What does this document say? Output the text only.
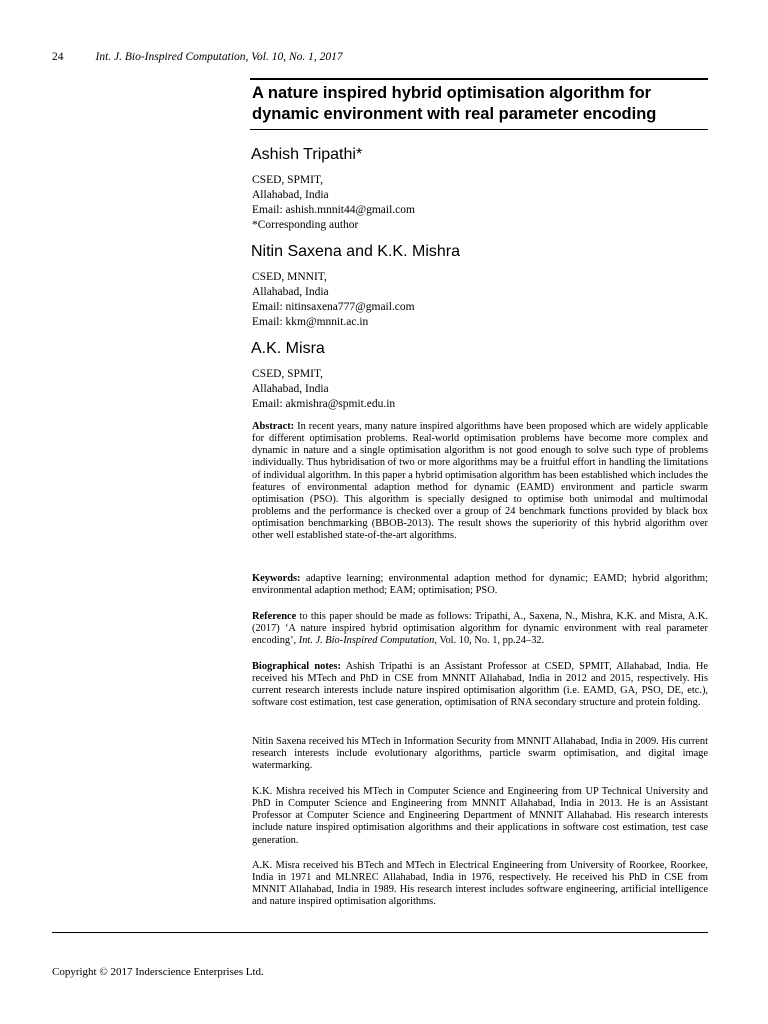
24	Int. J. Bio-Inspired Computation, Vol. 10, No. 1, 2017
A nature inspired hybrid optimisation algorithm for
dynamic environment with real parameter encoding
Ashish Tripathi*
CSED, SPMIT,
Allahabad, India
Email: ashish.mnnit44@gmail.com
*Corresponding author
Nitin Saxena and K.K. Mishra
CSED, MNNIT,
Allahabad, India
Email: nitinsaxena777@gmail.com
Email: kkm@mnnit.ac.in
A.K. Misra
CSED, SPMIT,
Allahabad, India
Email: akmishra@spmit.edu.in

Abstract: In recent years, many nature inspired algorithms have been proposed which are widely applicable for different optimisation problems. Real-world optimisation problems have become more complex and dynamic in nature and a single optimisation algorithm is not good enough to solve such type of problems individually. Thus hybridisation of two or more algorithms may be a fruitful effort in handling the limitations of individual algorithm. In this paper a hybrid optimisation algorithm has been established which includes the features of environmental adaption method for dynamic (EAMD) environment and particle swarm optimisation (PSO). This algorithm is specially designed to optimise both unimodal and multimodal problems and the performance is checked over a group of 24 benchmark functions provided by black box optimisation benchmarking (BBOB-2013). The result shows the superiority of this hybrid algorithm over other well established state-of-the-art algorithms.

Keywords: adaptive learning; environmental adaption method for dynamic; EAMD; hybrid algorithm; environmental adaption method; EAM; optimisation; PSO.

Reference to this paper should be made as follows: Tripathi, A., Saxena, N., Mishra, K.K. and Misra, A.K. (2017) ‘A nature inspired hybrid optimisation algorithm for dynamic environment with real parameter encoding’, Int. J. Bio-Inspired Computation, Vol. 10, No. 1, pp.24–32.

Biographical notes: Ashish Tripathi is an Assistant Professor at CSED, SPMIT, Allahabad, India. He received his MTech and PhD in CSE from MNNIT Allahabad, India in 2012 and 2015, respectively. His current research interests include nature inspired optimisation algorithm (i.e. EAMD, GA, PSO, DE, etc.), software cost estimation, test case generation, optimisation of RNA secondary structure and protein folding.

Nitin Saxena received his MTech in Information Security from MNNIT Allahabad, India in 2009. His current research interests include evolutionary algorithms, particle swarm optimisation, and digital image watermarking.

K.K. Mishra received his MTech in Computer Science and Engineering from UP Technical University and PhD in Computer Science and Engineering from MNNIT Allahabad, India in 2013. He is an Assistant Professor at Computer Science and Engineering Department of MNNIT Allahabad. His research interests include nature inspired optimisation algorithms and their applications in software cost estimation, test case generation.

A.K. Misra received his BTech and MTech in Electrical Engineering from University of Roorkee, Roorkee, India in 1971 and MLNREC Allahabad, India in 1976, respectively. He received his PhD in CSE from MNNIT Allahabad, India in 1989. His research interest includes software engineering, artificial intelligence and nature inspired optimisation algorithms.

Copyright © 2017 Inderscience Enterprises Ltd.
